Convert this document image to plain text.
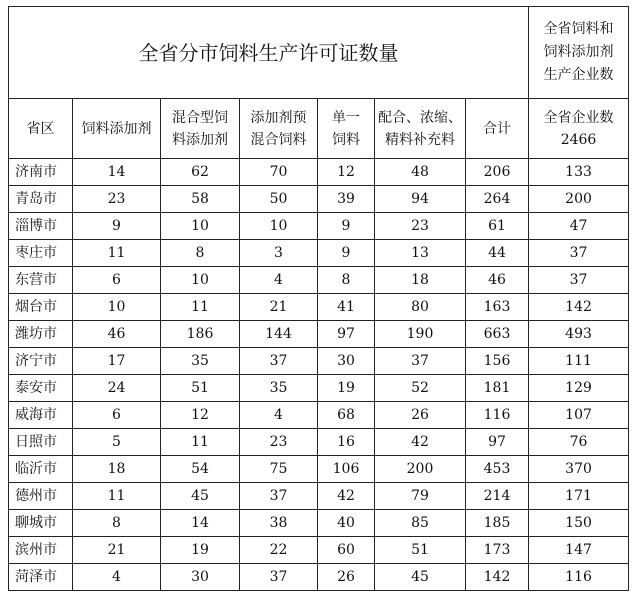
全省分市饲料生产许可证数量							全省饲料和
饲料添加剂
生产企业数
省区	饲料添加剂	混合型饲
料添加剂	添加剂预
混合饲料	单一
饲料	配合、浓缩、
精料补充料	合计	全省企业数
2466
济南市	14	62	70	12	48	206	133
青岛市	23	58	50	39	94	264	200
淄博市	9	10	10	9	23	61	47
枣庄市	11	8	3	9	13	44	37
东营市	6	10	4	8	18	46	37
烟台市	10	11	21	41	80	163	142
潍坊市	46	186	144	97	190	663	493
济宁市	17	35	37	30	37	156	111
泰安市	24	51	35	19	52	181	129
威海市	6	12	4	68	26	116	107
日照市	5	11	23	16	42	97	76
临沂市	18	54	75	106	200	453	370
德州市	11	45	37	42	79	214	171
聊城市	8	14	38	40	85	185	150
滨州市	21	19	22	60	51	173	147
菏泽市	4	30	37	26	45	142	116
